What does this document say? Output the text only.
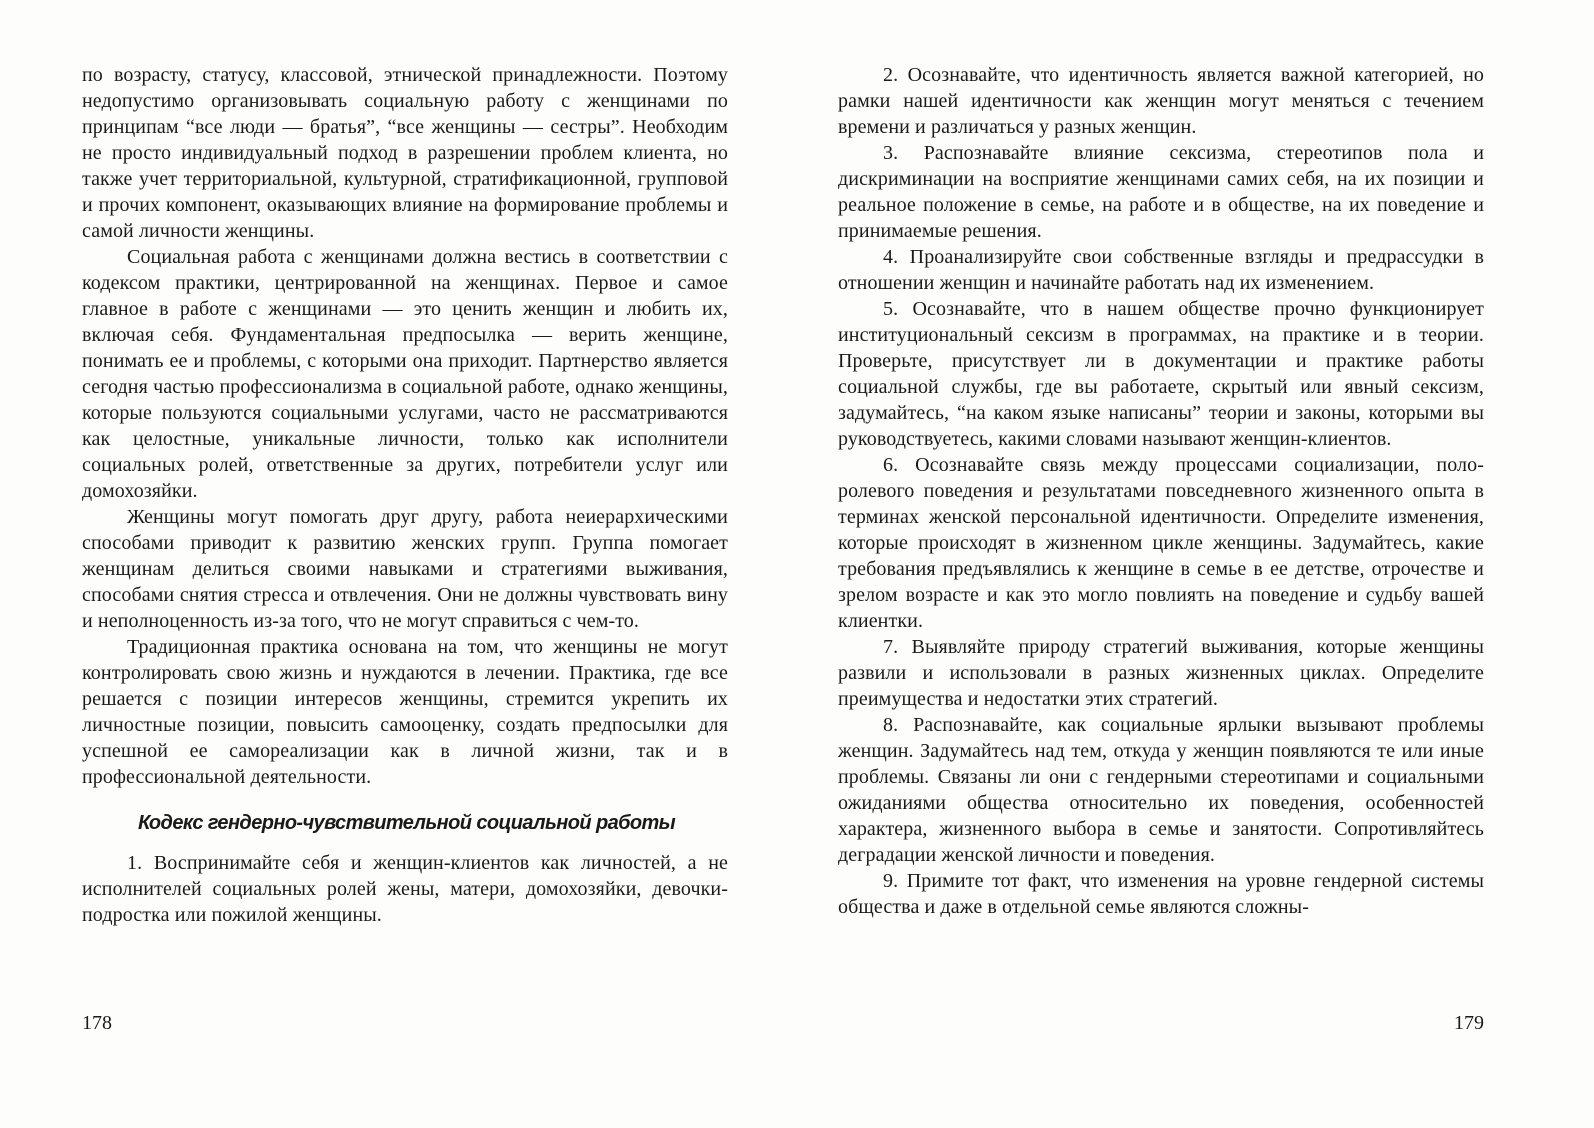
по возрасту, статусу, классовой, этнической принадлежности. Поэтому недопустимо организовывать социальную работу с женщинами по принципам “все люди — братья”, “все женщины — сестры”. Необходим не просто индивидуальный подход в разрешении проблем клиента, но также учет территориальной, культурной, стратификационной, групповой и прочих компонент, оказывающих влияние на формирование проблемы и самой личности женщины.

Социальная работа с женщинами должна вестись в соответствии с кодексом практики, центрированной на женщинах. Первое и самое главное в работе с женщинами — это ценить женщин и любить их, включая себя. Фундаментальная предпосылка — верить женщине, понимать ее и проблемы, с которыми она приходит. Партнерство является сегодня частью профессионализма в социальной работе, однако женщины, которые пользуются социальными услугами, часто не рассматриваются как целостные, уникальные личности, только как исполнители социальных ролей, ответственные за других, потребители услуг или домохозяйки.

Женщины могут помогать друг другу, работа неиерархическими способами приводит к развитию женских групп. Группа помогает женщинам делиться своими навыками и стратегиями выживания, способами снятия стресса и отвлечения. Они не должны чувствовать вину и неполноценность из-за того, что не могут справиться с чем-то.

Традиционная практика основана на том, что женщины не могут контролировать свою жизнь и нуждаются в лечении. Практика, где все решается с позиции интересов женщины, стремится укрепить их личностные позиции, повысить самооценку, создать предпосылки для успешной ее самореализации как в личной жизни, так и в профессиональной деятельности.

Кодекс гендерно-чувствительной социальной работы

1. Воспринимайте себя и женщин-клиентов как личностей, а не исполнителей социальных ролей жены, матери, домохозяйки, девочки-подростка или пожилой женщины.

178

2. Осознавайте, что идентичность является важной категорией, но рамки нашей идентичности как женщин могут меняться с течением времени и различаться у разных женщин.

3. Распознавайте влияние сексизма, стереотипов пола и дискриминации на восприятие женщинами самих себя, на их позиции и реальное положение в семье, на работе и в обществе, на их поведение и принимаемые решения.

4. Проанализируйте свои собственные взгляды и предрассудки в отношении женщин и начинайте работать над их изменением.

5. Осознавайте, что в нашем обществе прочно функционирует институциональный сексизм в программах, на практике и в теории. Проверьте, присутствует ли в документации и практике работы социальной службы, где вы работаете, скрытый или явный сексизм, задумайтесь, “на каком языке написаны” теории и законы, которыми вы руководствуетесь, какими словами называют женщин-клиентов.

6. Осознавайте связь между процессами социализации, поло-ролевого поведения и результатами повседневного жизненного опыта в терминах женской персональной идентичности. Определите изменения, которые происходят в жизненном цикле женщины. Задумайтесь, какие требования предъявлялись к женщине в семье в ее детстве, отрочестве и зрелом возрасте и как это могло повлиять на поведение и судьбу вашей клиентки.

7. Выявляйте природу стратегий выживания, которые женщины развили и использовали в разных жизненных циклах. Определите преимущества и недостатки этих стратегий.

8. Распознавайте, как социальные ярлыки вызывают проблемы женщин. Задумайтесь над тем, откуда у женщин появляются те или иные проблемы. Связаны ли они с гендерными стереотипами и социальными ожиданиями общества относительно их поведения, особенностей характера, жизненного выбора в семье и занятости. Сопротивляйтесь деградации женской личности и поведения.

9. Примите тот факт, что изменения на уровне гендерной системы общества и даже в отдельной семье являются сложны-

179
